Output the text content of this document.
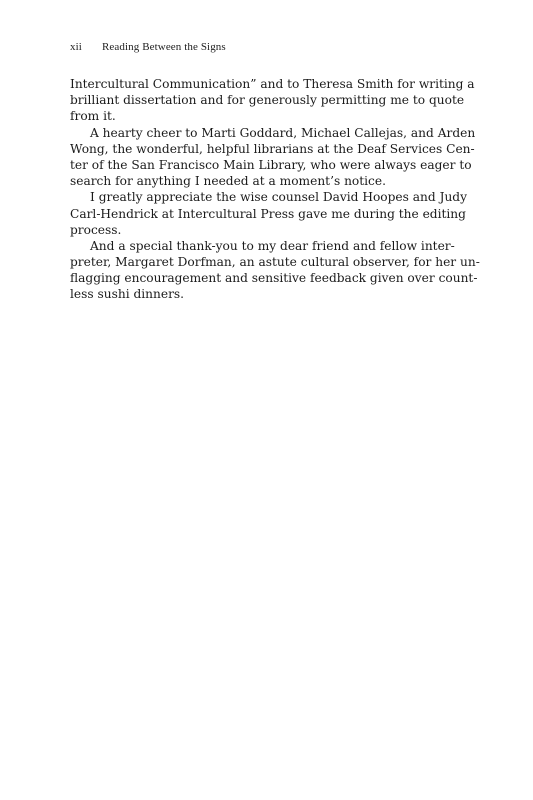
xii Reading Between the Signs
Intercultural Communication” and to Theresa Smith for writing a
brilliant dissertation and for generously permitting me to quote
from it.
A hearty cheer to Marti Goddard, Michael Callejas, and Arden
Wong, the wonderful, helpful librarians at the Deaf Services Cen-
ter of the San Francisco Main Library, who were always eager to
search for anything I needed at a moment’s notice.
I greatly appreciate the wise counsel David Hoopes and Judy
Carl-Hendrick at Intercultural Press gave me during the editing
process.
And a special thank-you to my dear friend and fellow inter-
preter, Margaret Dorfman, an astute cultural observer, for her un-
flagging encouragement and sensitive feedback given over count-
less sushi dinners.
